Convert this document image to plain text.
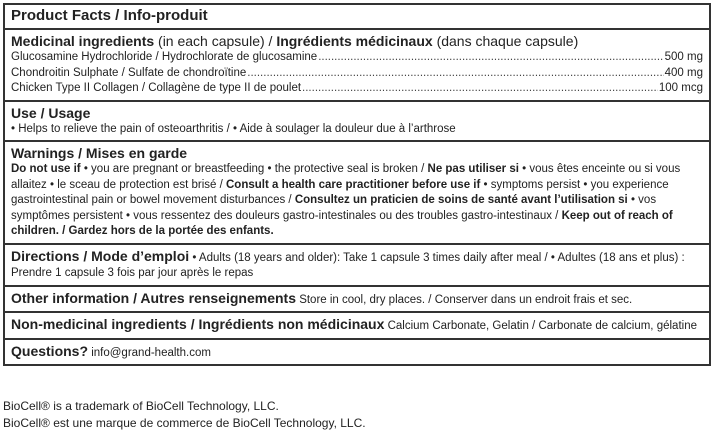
Product Facts / Info-produit
Medicinal ingredients (in each capsule) / Ingrédients médicinaux (dans chaque capsule)
Glucosamine Hydrochloride / Hydrochlorate de glucosamine .....	500 mg
Chondroitin Sulphate / Sulfate de chondroïtine .....	400 mg
Chicken Type II Collagen / Collagène de type II de poulet .....	100 mcg
Use / Usage
• Helps to relieve the pain of osteoarthritis / • Aide à soulager la douleur due à l’arthrose
Warnings / Mises en garde
Do not use if • you are pregnant or breastfeeding • the protective seal is broken / Ne pas utiliser si • vous êtes enceinte ou si vous allaitez • le sceau de protection est brisé / Consult a health care practitioner before use if • symptoms persist • you experience gastrointestinal pain or bowel movement disturbances / Consultez un praticien de soins de santé avant l’utilisation si • vos symptômes persistent • vous ressentez des douleurs gastro-intestinales ou des troubles gastro-intestinaux / Keep out of reach of children. / Gardez hors de la portée des enfants.
Directions / Mode d’emploi • Adults (18 years and older): Take 1 capsule 3 times daily after meal / • Adultes (18 ans et plus) : Prendre 1 capsule 3 fois par jour après le repas
Other information / Autres renseignements Store in cool, dry places. / Conserver dans un endroit frais et sec.
Non-medicinal ingredients / Ingrédients non médicinaux Calcium Carbonate, Gelatin / Carbonate de calcium, gélatine
Questions? info@grand-health.com
BioCell® is a trademark of BioCell Technology, LLC.
BioCell® est une marque de commerce de BioCell Technology, LLC.
